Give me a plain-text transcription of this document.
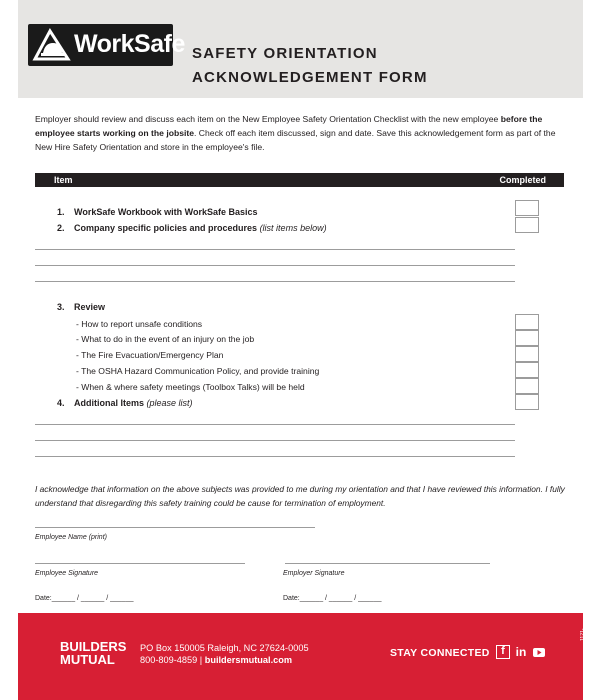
WorkSafe SAFETY ORIENTATION
ACKNOWLEDGEMENT FORM
Employer should review and discuss each item on the New Employee Safety Orientation Checklist with the new employee before the employee starts working on the jobsite. Check off each item discussed, sign and date. Save this acknowledgement form as part of the New Hire Safety Orientation and store in the employee's file.
Item	Completed
1. WorkSafe Workbook with WorkSafe Basics
2. Company specific policies and procedures (list items below)
3. Review
- How to report unsafe conditions
- What to do in the event of an injury on the job
- The Fire Evacuation/Emergency Plan
- The OSHA Hazard Communication Policy, and provide training
- When & where safety meetings (Toolbox Talks) will be held
4. Additional Items (please list)
I acknowledge that information on the above subjects was provided to me during my orientation and that I have reviewed this information. I fully understand that disregarding this safety training could be cause for termination of employment.
Employee Name (print)
Employee Signature	Employer Signature
Date:______ / ______ / ______	Date:______ / ______ / ______
BUILDERS
MUTUAL
PO Box 150005 Raleigh, NC 27624-0005
800-809-4859 | buildersmutual.com
STAY CONNECTED	f in
1121-0417-03
